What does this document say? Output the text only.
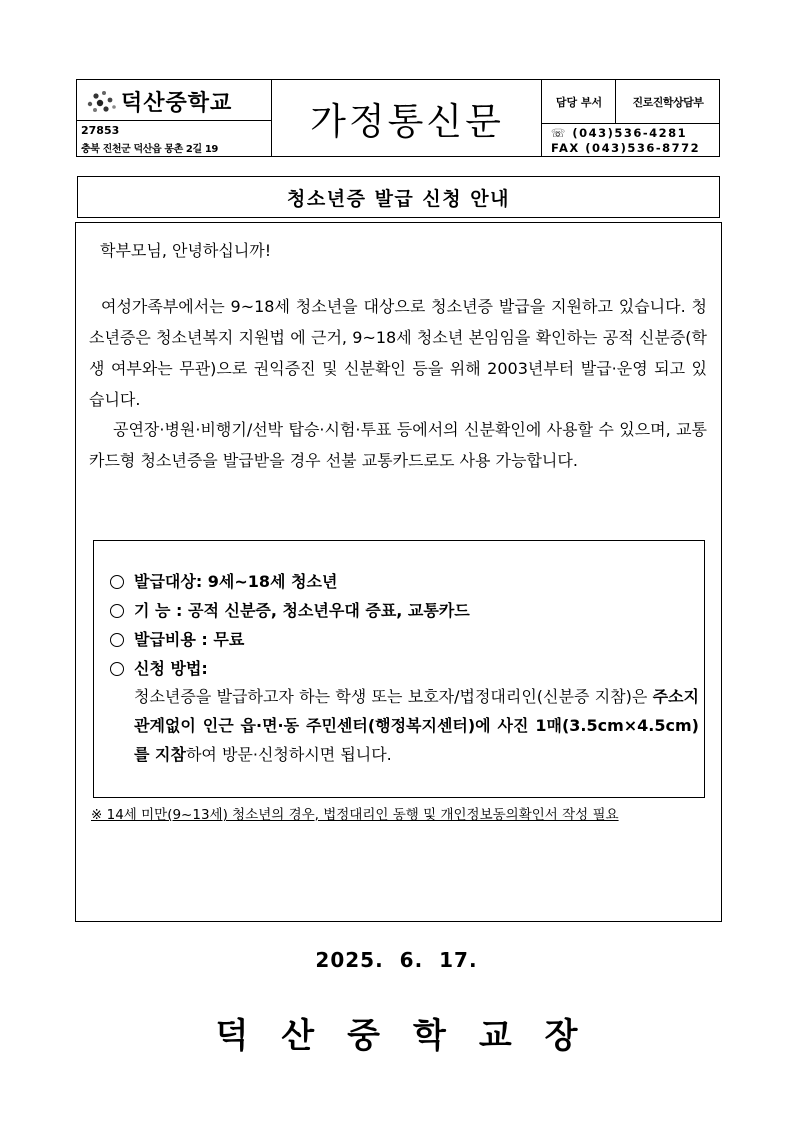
덕산중학교
27853
충북 진천군 덕산읍 몽촌 2길 19
가정통신문	담당 부서	진로진학상담부
☏ (043)536-4281
FAX (043)536-8772
청소년증 발급 신청 안내
학부모님, 안녕하십니까!
여성가족부에서는 9~18세 청소년을 대상으로 청소년증 발급을 지원하고 있습니다. 청소년증은 청소년복지 지원법 에 근거, 9~18세 청소년 본임임을 확인하는 공적 신분증(학생 여부와는 무관)으로 권익증진 및 신분확인 등을 위해 2003년부터 발급·운영 되고 있습니다.
공연장·병원·비행기/선박 탑승·시험·투표 등에서의 신분확인에 사용할 수 있으며, 교통카드형 청소년증을 발급받을 경우 선불 교통카드로도 사용 가능합니다.
발급대상: 9세~18세 청소년
기 능 : 공적 신분증, 청소년우대 증표, 교통카드
발급비용 : 무료
신청 방법:
청소년증을 발급하고자 하는 학생 또는 보호자/법정대리인(신분증 지참)은 주소지 관계없이 인근 읍·면·동 주민센터(행정복지센터)에 사진 1매(3.5cm×4.5cm)를 지참하여 방문·신청하시면 됩니다.
※ 14세 미만(9~13세) 청소년의 경우, 법정대리인 동행 및 개인정보동의확인서 작성 필요
2025. 6. 17.
덕산중학교장
